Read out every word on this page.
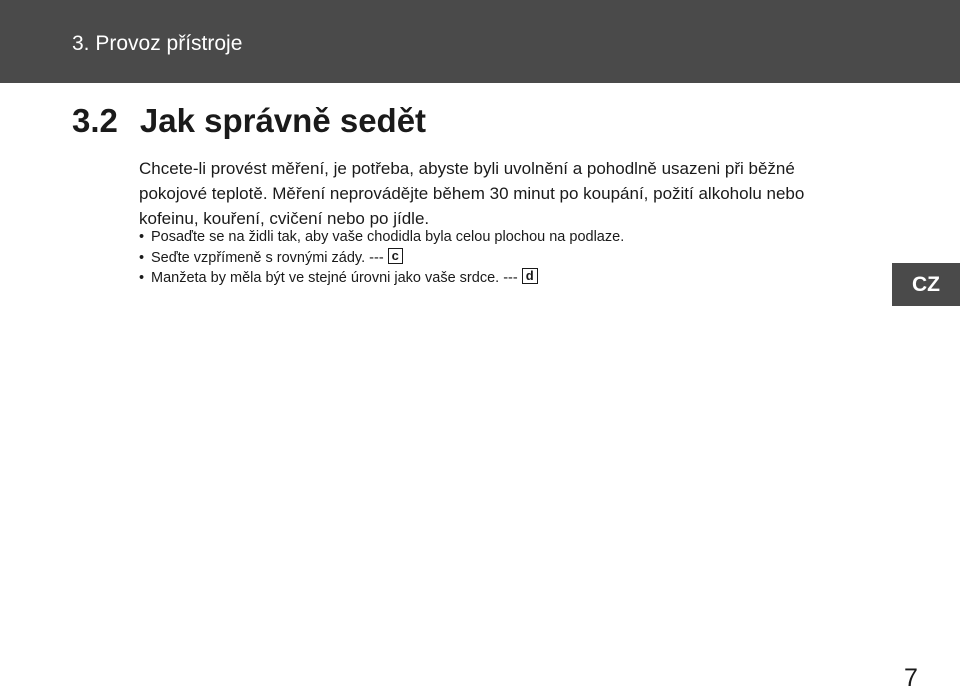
3. Provoz přístroje
3.2 Jak správně sedět
Chcete-li provést měření, je potřeba, abyste byli uvolnění a pohodlně usazeni při běžné pokojové teplotě. Měření neprovádějte během 30 minut po koupání, požití alkoholu nebo kofeinu, kouření, cvičení nebo po jídle.
• Posaďte se na židli tak, aby vaše chodidla byla celou plochou na podlaze.
• Seďte vzpřímeně s rovnými zády. --- c
• Manžeta by měla být ve stejné úrovni jako vaše srdce. --- d	CZ
7
